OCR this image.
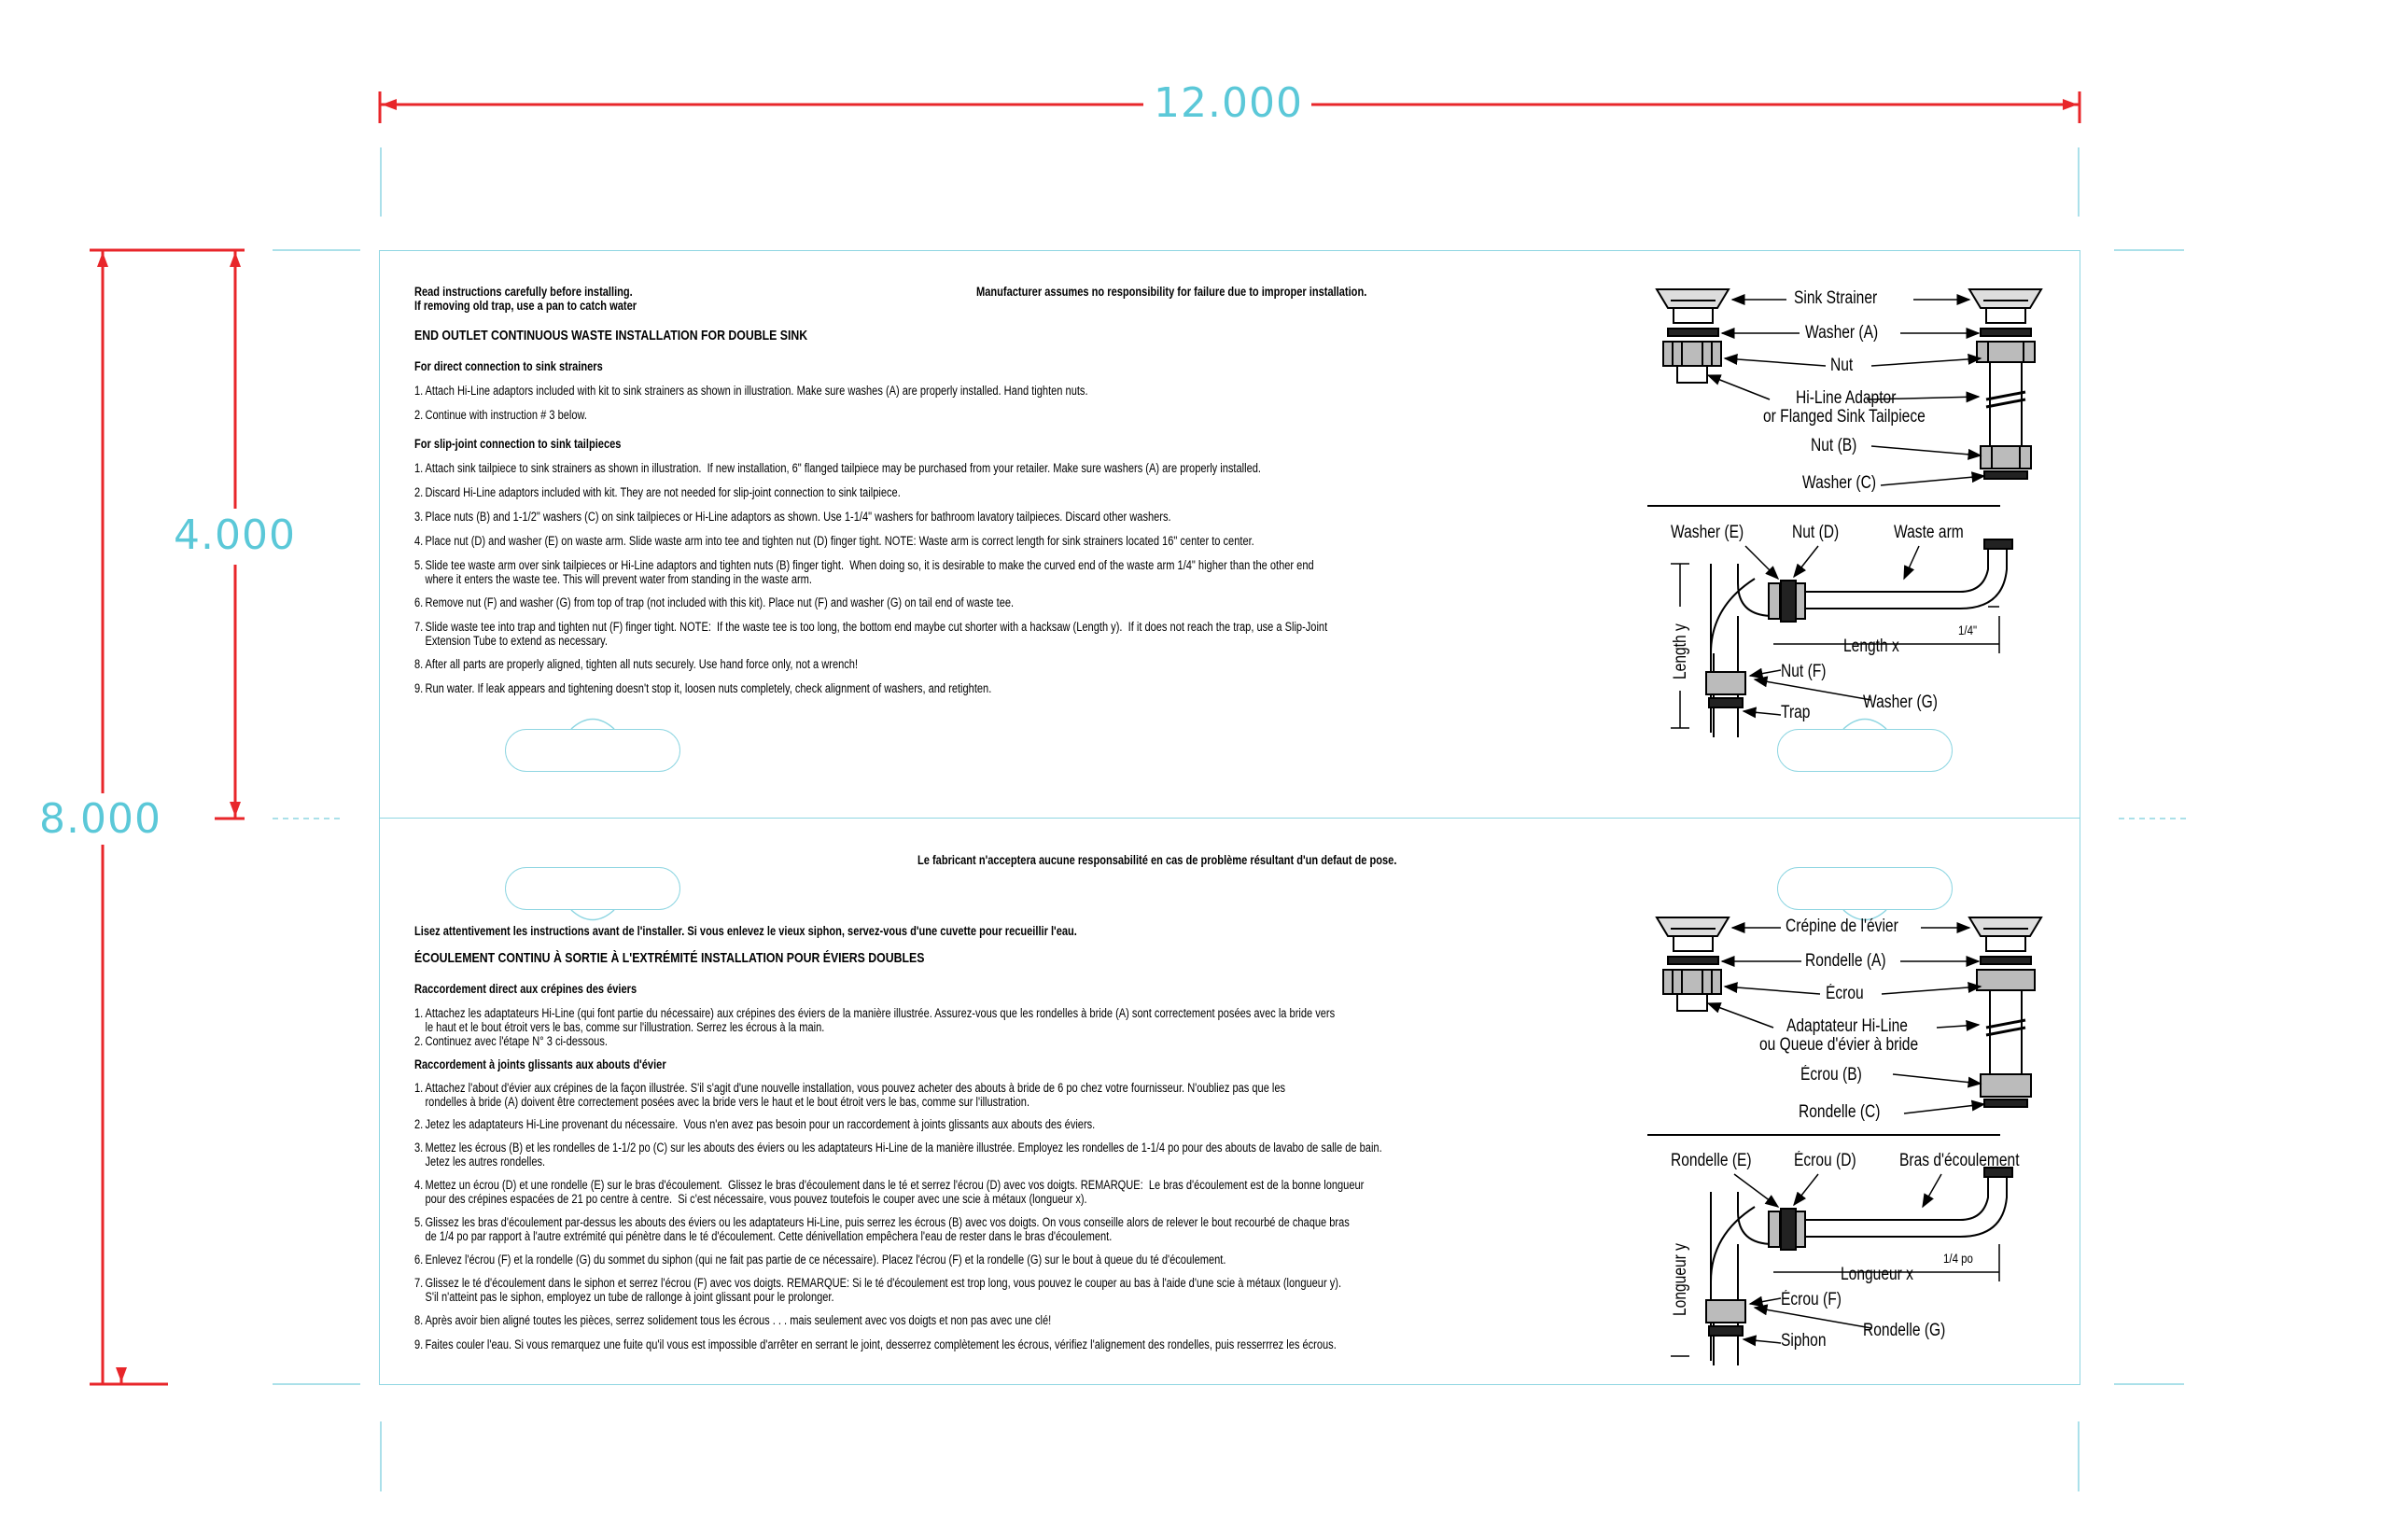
12.000
4.000
8.000
Read instructions carefully before installing.
If removing old trap, use a pan to catch water
Manufacturer assumes no responsibility for failure due to improper installation.
END OUTLET CONTINUOUS WASTE INSTALLATION FOR DOUBLE SINK
For direct connection to sink strainers
1. Attach Hi-Line adaptors included with kit to sink strainers as shown in illustration. Make sure washes (A) are properly installed. Hand tighten nuts.
2. Continue with instruction # 3 below.
For slip-joint connection to sink tailpieces
1. Attach sink tailpiece to sink strainers as shown in illustration.  If new installation, 6" flanged tailpiece may be purchased from your retailer. Make sure washers (A) are properly installed.
2. Discard Hi-Line adaptors included with kit. They are not needed for slip-joint connection to sink tailpiece.
3. Place nuts (B) and 1-1/2" washers (C) on sink tailpieces or Hi-Line adaptors as shown. Use 1-1/4" washers for bathroom lavatory tailpieces. Discard other washers.
4. Place nut (D) and washer (E) on waste arm. Slide waste arm into tee and tighten nut (D) finger tight. NOTE: Waste arm is correct length for sink strainers located 16" center to center.
5. Slide tee waste arm over sink tailpieces or Hi-Line adaptors and tighten nuts (B) finger tight.  When doing so, it is desirable to make the curved end of the waste arm 1/4" higher than the other end
where it enters the waste tee. This will prevent water from standing in the waste arm.
6. Remove nut (F) and washer (G) from top of trap (not included with this kit). Place nut (F) and washer (G) on tail end of waste tee.
7. Slide waste tee into trap and tighten nut (F) finger tight. NOTE:  If the waste tee is too long, the bottom end maybe cut shorter with a hacksaw (Length y).  If it does not reach the trap, use a Slip-Joint
Extension Tube to extend as necessary.
8. After all parts are properly aligned, tighten all nuts securely. Use hand force only, not a wrench!
9. Run water. If leak appears and tightening doesn't stop it, loosen nuts completely, check alignment of washers, and retighten.
Le fabricant n'acceptera aucune responsabilité en cas de problème résultant d'un defaut de pose.
Lisez attentivement les instructions avant de l'installer. Si vous enlevez le vieux siphon, servez-vous d'une cuvette pour recueillir l'eau.
ÉCOULEMENT CONTINU À SORTIE À L'EXTRÉMITÉ INSTALLATION POUR ÉVIERS DOUBLES
Raccordement direct aux crépines des éviers
1. Attachez les adaptateurs Hi-Line (qui font partie du nécessaire) aux crépines des éviers de la manière illustrée. Assurez-vous que les rondelles à bride (A) sont correctement posées avec la bride vers
le haut et le bout étroit vers le bas, comme sur l'illustration. Serrez les écrous à la main.
2. Continuez avec l'étape N° 3 ci-dessous.
Raccordement à joints glissants aux abouts d'évier
1. Attachez l'about d'évier aux crépines de la façon illustrée. S'il s'agit d'une nouvelle installation, vous pouvez acheter des abouts à bride de 6 po chez votre fournisseur. N'oubliez pas que les
rondelles à bride (A) doivent être correctement posées avec la bride vers le haut et le bout étroit vers le bas, comme sur l'illustration.
2. Jetez les adaptateurs Hi-Line provenant du nécessaire.  Vous n'en avez pas besoin pour un raccordement à joints glissants aux abouts des éviers.
3. Mettez les écrous (B) et les rondelles de 1-1/2 po (C) sur les abouts des éviers ou les adaptateurs Hi-Line de la manière illustrée. Employez les rondelles de 1-1/4 po pour des abouts de lavabo de salle de bain.
Jetez les autres rondelles.
4. Mettez un écrou (D) et une rondelle (E) sur le bras d'écoulement.  Glissez le bras d'écoulement dans le té et serrez l'écrou (D) avec vos doigts. REMARQUE:  Le bras d'écoulement est de la bonne longueur
pour des crépines espacées de 21 po centre à centre.  Si c'est nécessaire, vous pouvez toutefois le couper avec une scie à métaux (longueur x).
5. Glissez les bras d'écoulement par-dessus les abouts des éviers ou les adaptateurs Hi-Line, puis serrez les écrous (B) avec vos doigts. On vous conseille alors de relever le bout recourbé de chaque bras
de 1/4 po par rapport à l'autre extrémité qui pénètre dans le té d'écoulement. Cette dénivellation empêchera l'eau de rester dans le bras d'écoulement.
6. Enlevez l'écrou (F) et la rondelle (G) du sommet du siphon (qui ne fait pas partie de ce nécessaire). Placez l'écrou (F) et la rondelle (G) sur le bout à queue du té d'écoulement.
7. Glissez le té d'écoulement dans le siphon et serrez l'écrou (F) avec vos doigts. REMARQUE: Si le té d'écoulement est trop long, vous pouvez le couper au bas à l'aide d'une scie à métaux (longueur y).
S'il n'atteint pas le siphon, employez un tube de rallonge à joint glissant pour le prolonger.
8. Après avoir bien aligné toutes les pièces, serrez solidement tous les écrous . . . mais seulement avec vos doigts et non pas avec une clé!
9. Faites couler l'eau. Si vous remarquez une fuite qu'il vous est impossible d'arrêter en serrant le joint, desserrez complètement les écrous, vérifiez l'alignement des rondelles, puis resserrrez les écrous.
Sink Strainer
Washer (A)
Nut
Hi-Line Adaptor
or Flanged Sink Tailpiece
Nut (B)
Washer (C)
Washer (E)	Nut (D)	Waste arm
Length y	Length x
1/4"
Nut (F)
Washer (G)
Trap
Crépine de l'évier
Rondelle (A)
Écrou
Adaptateur Hi-Line
ou Queue d'évier à bride
Écrou (B)
Rondelle (C)
Rondelle (E) Écrou (D) Bras d'écoulement
Longueur y	Longueur x
1/4 po
Écrou (F)
Rondelle (G)
Siphon
